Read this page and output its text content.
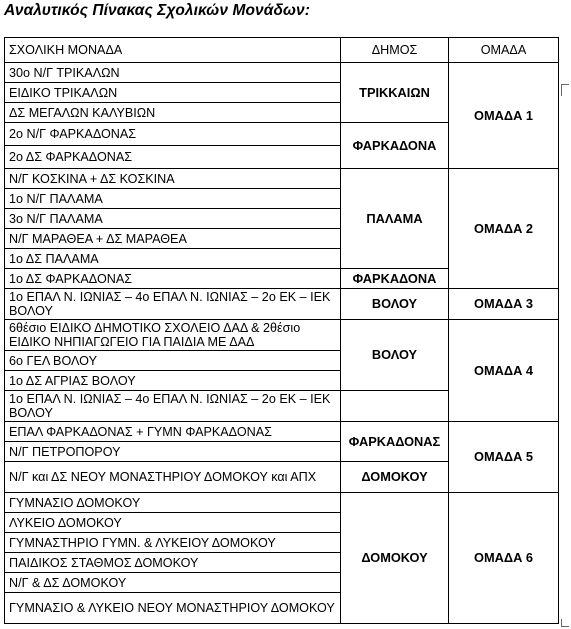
Αναλυτικός Πίνακας Σχολικών Μονάδων:
ΣΧΟΛΙΚΗ ΜΟΝΑΔΑ	ΔΗΜΟΣ	ΟΜΑΔΑ
30ο Ν/Γ ΤΡΙΚΑΛΩΝ	ΤΡΙΚΚΑΙΩΝ	ΟΜΑΔΑ 1
ΕΙΔΙΚΟ ΤΡΙΚΑΛΩΝ		
ΔΣ ΜΕΓΑΛΩΝ ΚΑΛΥΒΙΩΝ		
2ο Ν/Γ ΦΑΡΚΑΔΟΝΑΣ	ΦΑΡΚΑΔΟΝΑ	
2ο ΔΣ ΦΑΡΚΑΔΟΝΑΣ		
Ν/Γ ΚΟΣΚΙΝΑ + ΔΣ ΚΟΣΚΙΝΑ	ΠΑΛΑΜΑ	ΟΜΑΔΑ 2
1ο Ν/Γ ΠΑΛΑΜΑ		
3ο Ν/Γ ΠΑΛΑΜΑ		
Ν/Γ ΜΑΡΑΘΕΑ + ΔΣ ΜΑΡΑΘΕΑ		
1ο ΔΣ ΠΑΛΑΜΑ		
1ο ΔΣ ΦΑΡΚΑΔΟΝΑΣ	ΦΑΡΚΑΔΟΝΑ	
1ο ΕΠΑΛ Ν. ΙΩΝΙΑΣ – 4ο ΕΠΑΛ Ν. ΙΩΝΙΑΣ – 2ο ΕΚ – ΙΕΚ ΒΟΛΟΥ	ΒΟΛΟΥ	ΟΜΑΔΑ 3
6θέσιο ΕΙΔΙΚΟ ΔΗΜΟΤΙΚΟ ΣΧΟΛΕΙΟ ΔΑΔ & 2θέσιο ΕΙΔΙΚΟ ΝΗΠΙΑΓΩΓΕΙΟ ΓΙΑ ΠΑΙΔΙΑ ΜΕ ΔΑΔ	ΒΟΛΟΥ	ΟΜΑΔΑ 4
6ο ΓΕΛ ΒΟΛΟΥ		
1ο ΔΣ ΑΓΡΙΑΣ ΒΟΛΟΥ		
1ο ΕΠΑΛ Ν. ΙΩΝΙΑΣ – 4ο ΕΠΑΛ Ν. ΙΩΝΙΑΣ – 2ο ΕΚ – ΙΕΚ ΒΟΛΟΥ		
ΕΠΑΛ ΦΑΡΚΑΔΟΝΑΣ + ΓΥΜΝ ΦΑΡΚΑΔΟΝΑΣ	ΦΑΡΚΑΔΟΝΑΣ	ΟΜΑΔΑ 5
Ν/Γ ΠΕΤΡΟΠΟΡΟΥ		
Ν/Γ και ΔΣ ΝΕΟΥ ΜΟΝΑΣΤΗΡΙΟΥ ΔΟΜΟΚΟΥ και ΑΠΧ	ΔΟΜΟΚΟΥ	
ΓΥΜΝΑΣΙΟ ΔΟΜΟΚΟΥ	ΔΟΜΟΚΟΥ	ΟΜΑΔΑ 6
ΛΥΚΕΙΟ ΔΟΜΟΚΟΥ		
ΓΥΜΝΑΣΤΗΡΙΟ ΓΥΜΝ. & ΛΥΚΕΙΟΥ ΔΟΜΟΚΟΥ		
ΠΑΙΔΙΚΟΣ ΣΤΑΘΜΟΣ ΔΟΜΟΚΟΥ		
Ν/Γ & ΔΣ ΔΟΜΟΚΟΥ		
ΓΥΜΝΑΣΙΟ & ΛΥΚΕΙΟ ΝΕΟΥ ΜΟΝΑΣΤΗΡΙΟΥ ΔΟΜΟΚΟΥ		
